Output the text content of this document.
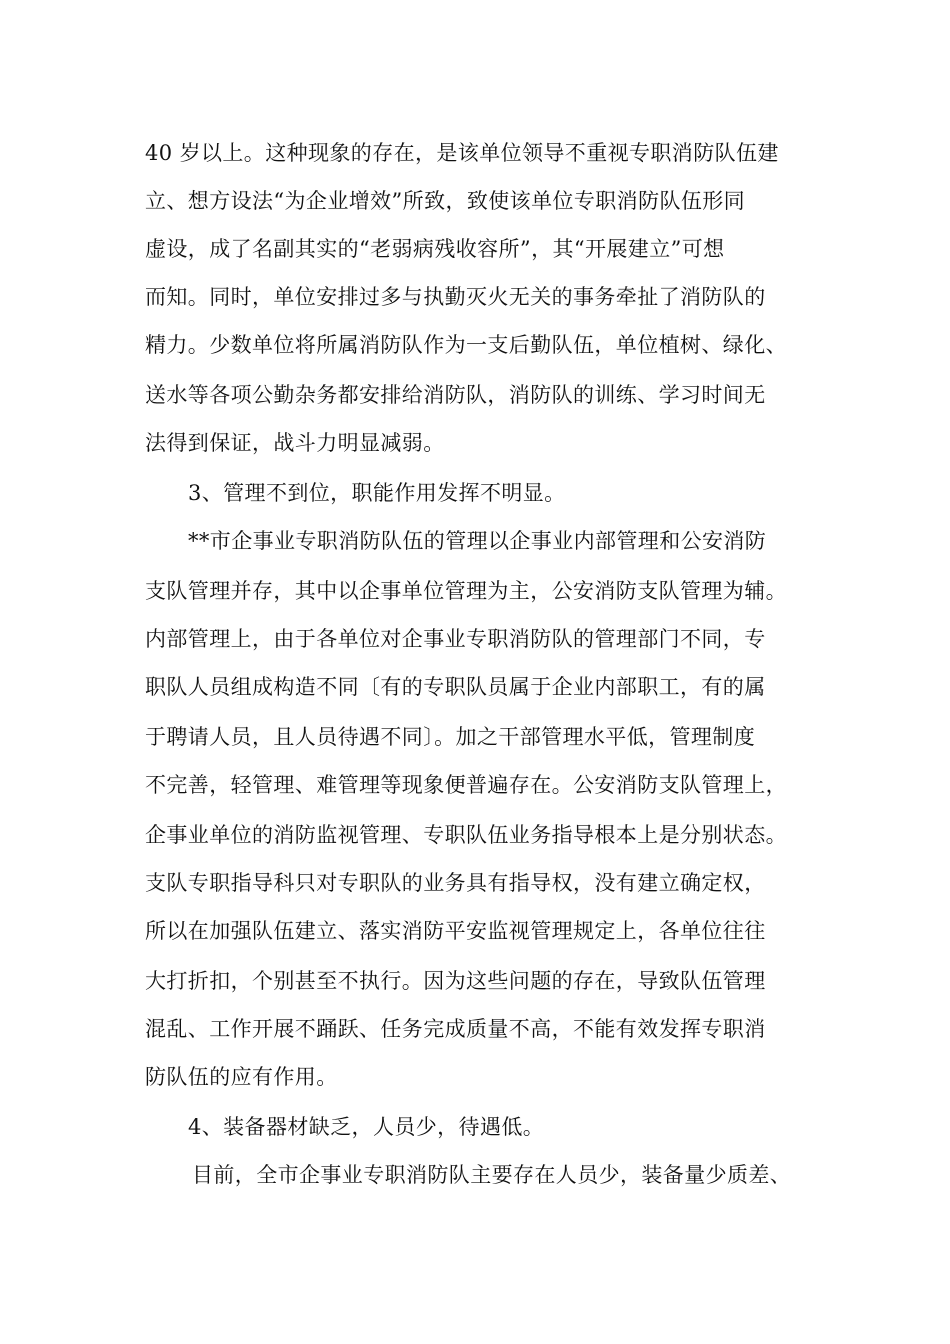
40 岁以上。这种现象的存在，是该单位领导不重视专职消防队伍建
立、想方设法“为企业增效”所致，致使该单位专职消防队伍形同
虚设，成了名副其实的“老弱病残收容所”，其“开展建立”可想
而知。同时，单位安排过多与执勤灭火无关的事务牵扯了消防队的
精力。少数单位将所属消防队作为一支后勤队伍，单位植树、绿化、
送水等各项公勤杂务都安排给消防队，消防队的训练、学习时间无
法得到保证，战斗力明显减弱。
3、管理不到位，职能作用发挥不明显。
**市企事业专职消防队伍的管理以企事业内部管理和公安消防
支队管理并存，其中以企事单位管理为主，公安消防支队管理为辅。
内部管理上，由于各单位对企事业专职消防队的管理部门不同，专
职队人员组成构造不同〔有的专职队员属于企业内部职工，有的属
于聘请人员，且人员待遇不同〕。加之干部管理水平低，管理制度
不完善，轻管理、难管理等现象便普遍存在。公安消防支队管理上，
企事业单位的消防监视管理、专职队伍业务指导根本上是分别状态。
支队专职指导科只对专职队的业务具有指导权，没有建立确定权，
所以在加强队伍建立、落实消防平安监视管理规定上，各单位往往
大打折扣，个别甚至不执行。因为这些问题的存在，导致队伍管理
混乱、工作开展不踊跃、任务完成质量不高，不能有效发挥专职消
防队伍的应有作用。
4、装备器材缺乏，人员少，待遇低。
目前，全市企事业专职消防队主要存在人员少，装备量少质差、
